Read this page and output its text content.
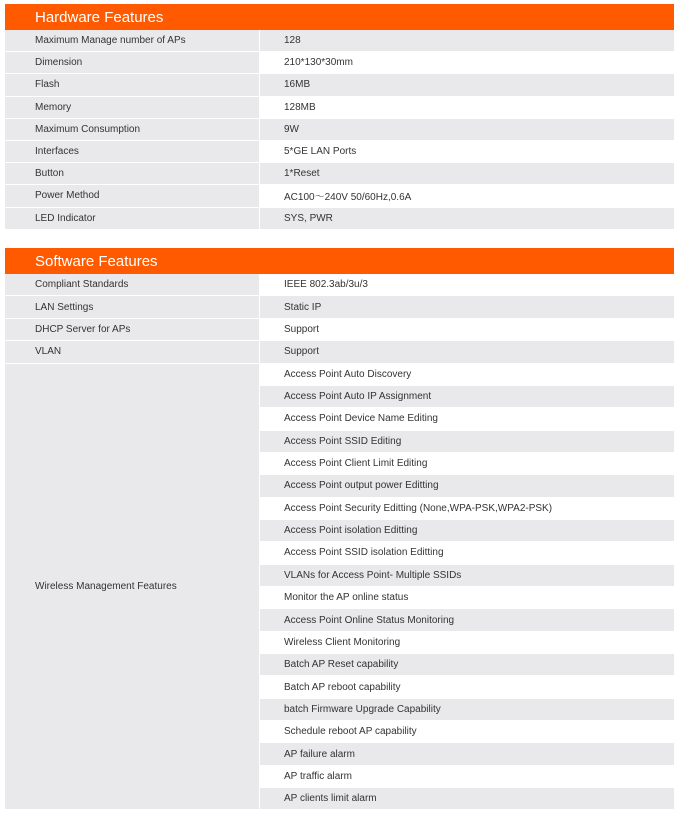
Hardware Features
Maximum Manage number of APs	128
Dimension	210*130*30mm
Flash	16MB
Memory	128MB
Maximum Consumption	9W
Interfaces	5*GE LAN Ports
Button	1*Reset
Power Method	AC100～240V 50/60Hz,0.6A
LED Indicator	SYS, PWR
Software Features
Compliant Standards	IEEE 802.3ab/3u/3
LAN Settings	Static IP
DHCP Server for APs	Support
VLAN	Support
Wireless Management Features	Access Point Auto Discovery
	Access Point Auto IP Assignment
	Access Point Device Name Editing
	Access Point SSID Editing
	Access Point Client Limit Editing
	Access Point output power Editting
	Access Point Security Editting (None,WPA-PSK,WPA2-PSK)
	Access Point isolation Editting
	Access Point SSID isolation Editting
	VLANs for Access Point- Multiple SSIDs
	Monitor the AP online status
	Access Point Online Status Monitoring
	Wireless Client Monitoring
	Batch AP Reset capability
	Batch AP reboot capability
	batch Firmware Upgrade Capability
	Schedule reboot AP capability
	AP failure alarm
	AP traffic alarm
	AP clients limit alarm
